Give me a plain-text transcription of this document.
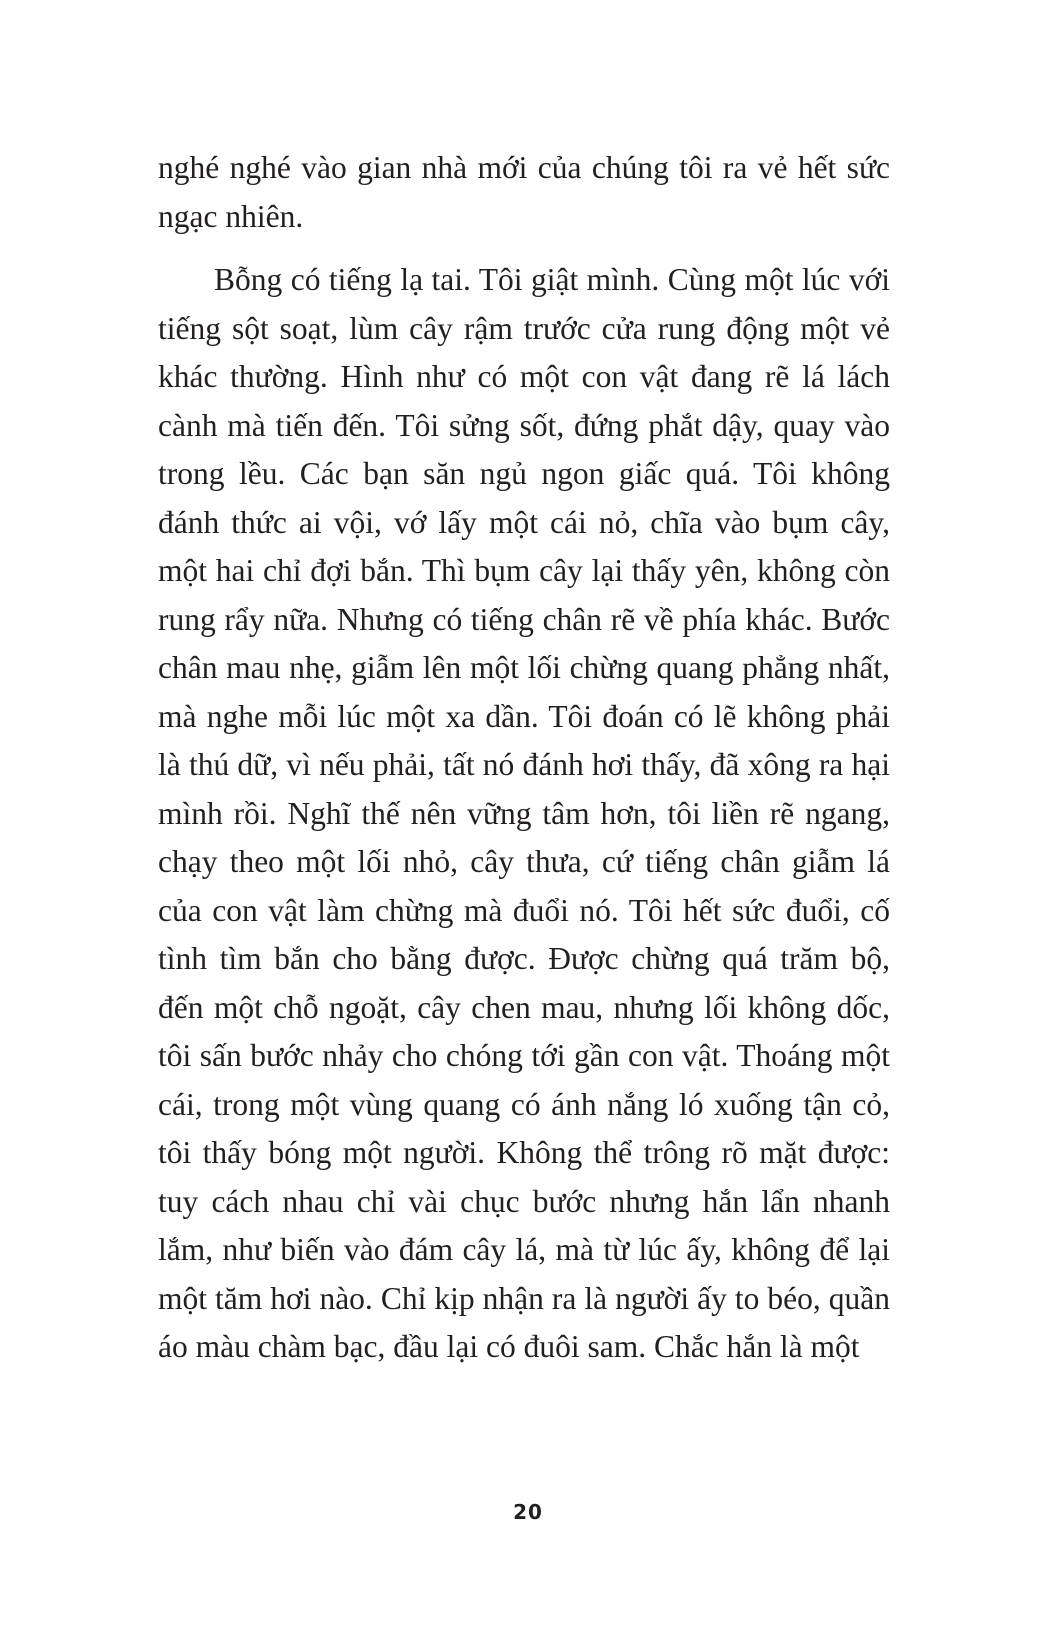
nghé nghé vào gian nhà mới của chúng tôi ra vẻ hết sức ngạc nhiên.

Bỗng có tiếng lạ tai. Tôi giật mình. Cùng một lúc với tiếng sột soạt, lùm cây rậm trước cửa rung động một vẻ khác thường. Hình như có một con vật đang rẽ lá lách cành mà tiến đến. Tôi sửng sốt, đứng phắt dậy, quay vào trong lều. Các bạn săn ngủ ngon giấc quá. Tôi không đánh thức ai vội, vớ lấy một cái nỏ, chĩa vào bụm cây, một hai chỉ đợi bắn. Thì bụm cây lại thấy yên, không còn rung rẩy nữa. Nhưng có tiếng chân rẽ về phía khác. Bước chân mau nhẹ, giẫm lên một lối chừng quang phẳng nhất, mà nghe mỗi lúc một xa dần. Tôi đoán có lẽ không phải là thú dữ, vì nếu phải, tất nó đánh hơi thấy, đã xông ra hại mình rồi. Nghĩ thế nên vững tâm hơn, tôi liền rẽ ngang, chạy theo một lối nhỏ, cây thưa, cứ tiếng chân giẫm lá của con vật làm chừng mà đuổi nó. Tôi hết sức đuổi, cố tình tìm bắn cho bằng được. Được chừng quá trăm bộ, đến một chỗ ngoặt, cây chen mau, nhưng lối không dốc, tôi sấn bước nhảy cho chóng tới gần con vật. Thoáng một cái, trong một vùng quang có ánh nắng ló xuống tận cỏ, tôi thấy bóng một người. Không thể trông rõ mặt được: tuy cách nhau chỉ vài chục bước nhưng hắn lẩn nhanh lắm, như biến vào đám cây lá, mà từ lúc ấy, không để lại một tăm hơi nào. Chỉ kịp nhận ra là người ấy to béo, quần áo màu chàm bạc, đầu lại có đuôi sam. Chắc hắn là một

20
